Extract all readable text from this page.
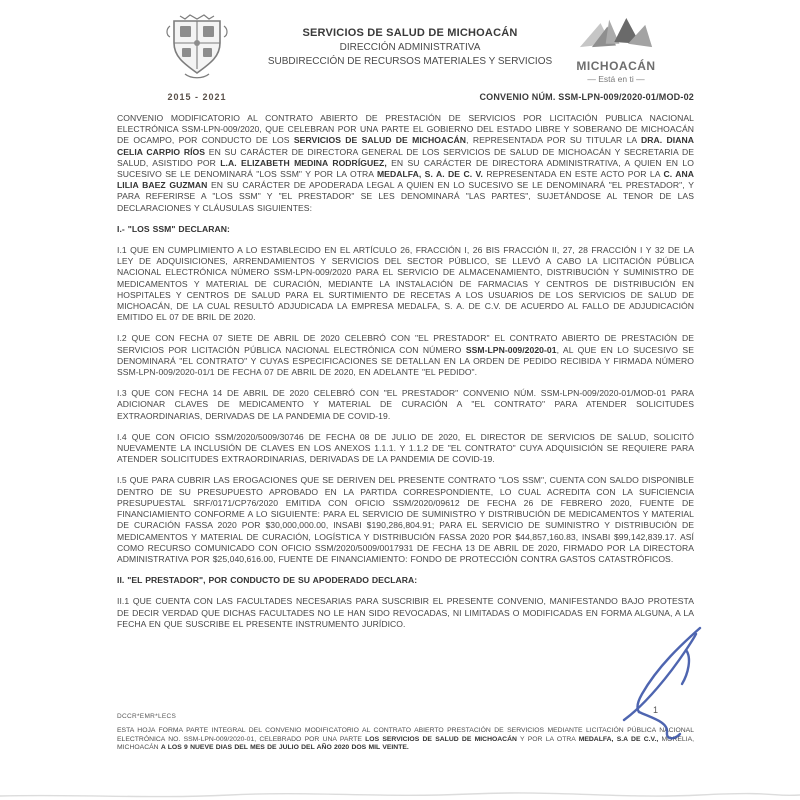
2015 - 2021
SERVICIOS DE SALUD DE MICHOACÁN
DIRECCIÓN ADMINISTRATIVA
SUBDIRECCIÓN DE RECURSOS MATERIALES Y SERVICIOS	MICHOACÁN
— Está en ti —
CONVENIO NÚM. SSM-LPN-009/2020-01/MOD-02

CONVENIO MODIFICATORIO AL CONTRATO ABIERTO DE PRESTACIÓN DE SERVICIOS POR LICITACIÓN PUBLICA NACIONAL ELECTRÓNICA SSM-LPN-009/2020, QUE CELEBRAN POR UNA PARTE EL GOBIERNO DEL ESTADO LIBRE Y SOBERANO DE MICHOACÁN DE OCAMPO, POR CONDUCTO DE LOS SERVICIOS DE SALUD DE MICHOACÁN, REPRESENTADA POR SU TITULAR LA DRA. DIANA CELIA CARPIO RÍOS EN SU CARÁCTER DE DIRECTORA GENERAL DE LOS SERVICIOS DE SALUD DE MICHOACÁN Y SECRETARIA DE SALUD, ASISTIDO POR L.A. ELIZABETH MEDINA RODRÍGUEZ, EN SU CARÁCTER DE DIRECTORA ADMINISTRATIVA, A QUIEN EN LO SUCESIVO SE LE DENOMINARÁ "LOS SSM" Y POR LA OTRA MEDALFA, S. A. DE C. V. REPRESENTADA EN ESTE ACTO POR LA C. ANA LILIA BAEZ GUZMAN EN SU CARÁCTER DE APODERADA LEGAL A QUIEN EN LO SUCESIVO SE LE DENOMINARÁ "EL PRESTADOR", Y PARA REFERIRSE A "LOS SSM" Y "EL PRESTADOR" SE LES DENOMINARÁ "LAS PARTES", SUJETÁNDOSE AL TENOR DE LAS DECLARACIONES Y CLÁUSULAS SIGUIENTES:

I.- "LOS SSM" DECLARAN:

I.1 QUE EN CUMPLIMIENTO A LO ESTABLECIDO EN EL ARTÍCULO 26, FRACCIÓN I, 26 BIS FRACCIÓN II, 27, 28 FRACCIÓN I Y 32 DE LA LEY DE ADQUISICIONES, ARRENDAMIENTOS Y SERVICIOS DEL SECTOR PÚBLICO, SE LLEVÓ A CABO LA LICITACIÓN PÚBLICA NACIONAL ELECTRÓNICA NÚMERO SSM-LPN-009/2020 PARA EL SERVICIO DE ALMACENAMIENTO, DISTRIBUCIÓN Y SUMINISTRO DE MEDICAMENTOS Y MATERIAL DE CURACIÓN, MEDIANTE LA INSTALACIÓN DE FARMACIAS Y CENTROS DE DISTRIBUCIÓN EN HOSPITALES Y CENTROS DE SALUD PARA EL SURTIMIENTO DE RECETAS A LOS USUARIOS DE LOS SERVICIOS DE SALUD DE MICHOACÁN, DE LA CUAL RESULTÓ ADJUDICADA LA EMPRESA MEDALFA, S. A. DE C.V. DE ACUERDO AL FALLO DE ADJUDICACIÓN EMITIDO EL 07 DE BRIL DE 2020.

I.2 QUE CON FECHA 07 SIETE DE ABRIL DE 2020 CELEBRÓ CON "EL PRESTADOR" EL CONTRATO ABIERTO DE PRESTACIÓN DE SERVICIOS POR LICITACIÓN PÚBLICA NACIONAL ELECTRÓNICA CON NÚMERO SSM-LPN-009/2020-01, AL QUE EN LO SUCESIVO SE DENOMINARÁ "EL CONTRATO" Y CUYAS ESPECIFICACIONES SE DETALLAN EN LA ORDEN DE PEDIDO RECIBIDA Y FIRMADA NÚMERO SSM-LPN-009/2020-01/1 DE FECHA 07 DE ABRIL DE 2020, EN ADELANTE "EL PEDIDO".

I.3 QUE CON FECHA 14 DE ABRIL DE 2020 CELEBRÓ CON "EL PRESTADOR" CONVENIO NÚM. SSM-LPN-009/2020-01/MOD-01 PARA ADICIONAR CLAVES DE MEDICAMENTO Y MATERIAL DE CURACIÓN A "EL CONTRATO" PARA ATENDER SOLICITUDES EXTRAORDINARIAS, DERIVADAS DE LA PANDEMIA DE COVID-19.

I.4 QUE CON OFICIO SSM/2020/5009/30746 DE FECHA 08 DE JULIO DE 2020, EL DIRECTOR DE SERVICIOS DE SALUD, SOLICITÓ NUEVAMENTE LA INCLUSIÓN DE CLAVES EN LOS ANEXOS 1.1.1. Y 1.1.2 DE "EL CONTRATO" CUYA ADQUISICIÓN SE REQUIERE PARA ATENDER SOLICITUDES EXTRAORDINARIAS, DERIVADAS DE LA PANDEMIA DE COVID-19.

I.5 QUE PARA CUBRIR LAS EROGACIONES QUE SE DERIVEN DEL PRESENTE CONTRATO "LOS SSM", CUENTA CON SALDO DISPONIBLE DENTRO DE SU PRESUPUESTO APROBADO EN LA PARTIDA CORRESPONDIENTE, LO CUAL ACREDITA CON LA SUFICIENCIA PRESUPUESTAL SRF/0171/CP76/2020 EMITIDA CON OFICIO SSM/2020/09612 DE FECHA 26 DE FEBRERO 2020, FUENTE DE FINANCIAMIENTO CONFORME A LO SIGUIENTE: PARA EL SERVICIO DE SUMINISTRO Y DISTRIBUCIÓN DE MEDICAMENTOS Y MATERIAL DE CURACIÓN FASSA 2020 POR $30,000,000.00, INSABI $190,286,804.91; PARA EL SERVICIO DE SUMINISTRO Y DISTRIBUCIÓN DE MEDICAMENTOS Y MATERIAL DE CURACIÓN, LOGÍSTICA Y DISTRIBUCIÓN FASSA 2020 POR $44,857,160.83, INSABI $99,142,839.17. ASÍ COMO RECURSO COMUNICADO CON OFICIO SSM/2020/5009/0017931 DE FECHA 13 DE ABRIL DE 2020, FIRMADO POR LA DIRECTORA ADMINISTRATIVA POR $25,040,616.00, FUENTE DE FINANCIAMIENTO: FONDO DE PROTECCIÓN CONTRA GASTOS CATASTRÓFICOS.

II. "EL PRESTADOR", POR CONDUCTO DE SU APODERADO DECLARA:

II.1 QUE CUENTA CON LAS FACULTADES NECESARIAS PARA SUSCRIBIR EL PRESENTE CONVENIO, MANIFESTANDO BAJO PROTESTA DE DECIR VERDAD QUE DICHAS FACULTADES NO LE HAN SIDO REVOCADAS, NI LIMITADAS O MODIFICADAS EN FORMA ALGUNA, A LA FECHA EN QUE SUSCRIBE EL PRESENTE INSTRUMENTO JURÍDICO.

DCCR*EMR*LECS
1
ESTA HOJA FORMA PARTE INTEGRAL DEL CONVENIO MODIFICATORIO AL CONTRATO ABIERTO PRESTACIÓN DE SERVICIOS MEDIANTE LICITACIÓN PÚBLICA NACIONAL ELECTRÓNICA NO. SSM-LPN-009/2020-01, CELEBRADO POR UNA PARTE LOS SERVICIOS DE SALUD DE MICHOACÁN Y POR LA OTRA MEDALFA, S.A DE C.V., MORELIA, MICHOACÁN A LOS 9 NUEVE DIAS DEL MES DE JULIO DEL AÑO 2020 DOS MIL VEINTE.
